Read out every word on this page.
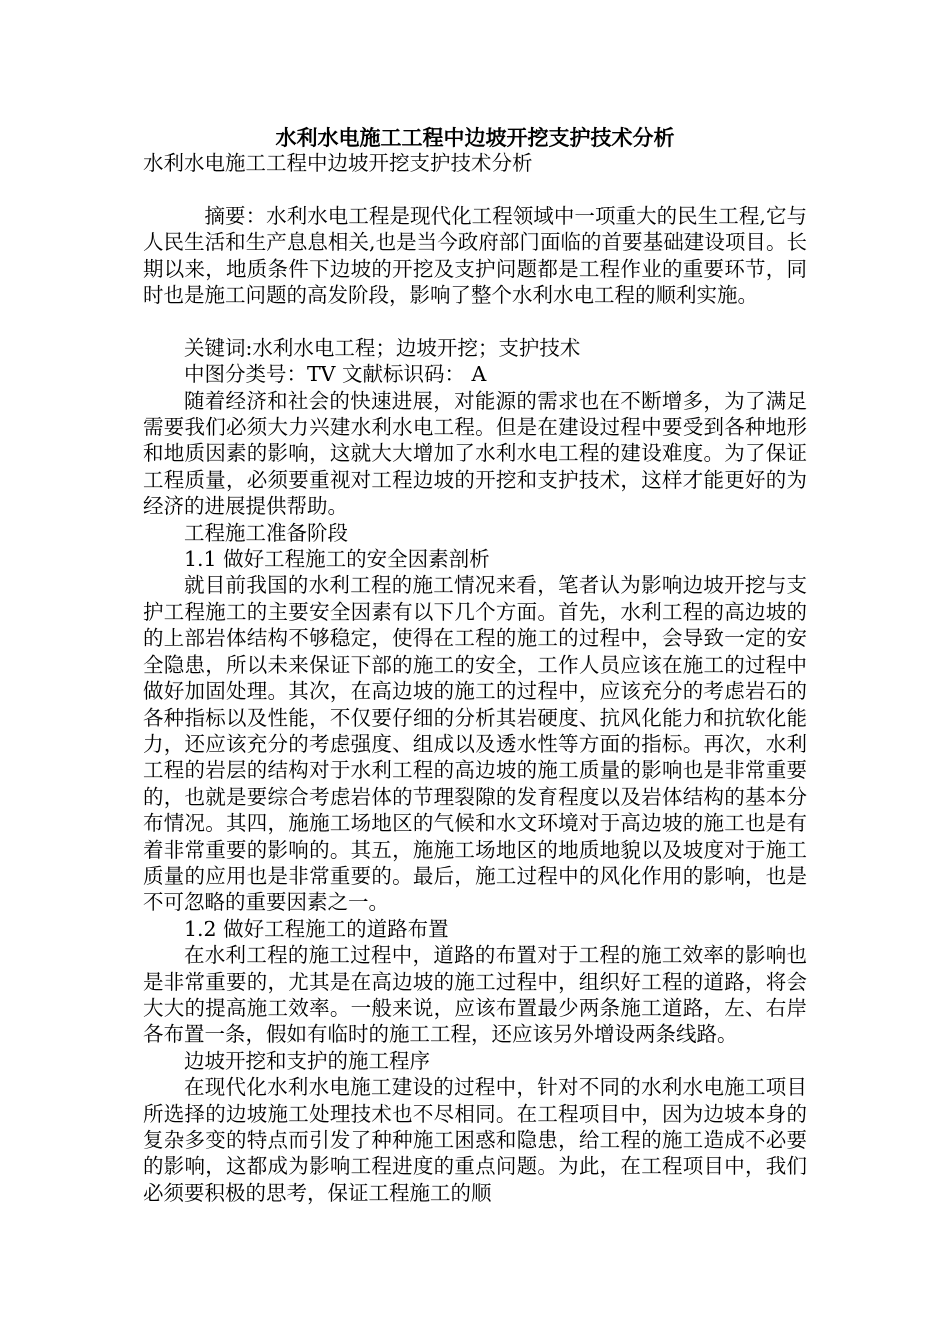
水利水电施工工程中边坡开挖支护技术分析

水利水电施工工程中边坡开挖支护技术分析

摘要：水利水电工程是现代化工程领域中一项重大的民生工程,它与人民生活和生产息息相关,也是当今政府部门面临的首要基础建设项目。长期以来，地质条件下边坡的开挖及支护问题都是工程作业的重要环节，同时也是施工问题的高发阶段，影响了整个水利水电工程的顺利实施。

关键词:水利水电工程；边坡开挖；支护技术

中图分类号：TV 文献标识码： A

随着经济和社会的快速进展，对能源的需求也在不断增多，为了满足需要我们必须大力兴建水利水电工程。但是在建设过程中要受到各种地形和地质因素的影响，这就大大增加了水利水电工程的建设难度。为了保证工程质量，必须要重视对工程边坡的开挖和支护技术，这样才能更好的为经济的进展提供帮助。

工程施工准备阶段

1.1 做好工程施工的安全因素剖析

就目前我国的水利工程的施工情况来看，笔者认为影响边坡开挖与支护工程施工的主要安全因素有以下几个方面。首先，水利工程的高边坡的的上部岩体结构不够稳定，使得在工程的施工的过程中，会导致一定的安全隐患，所以未来保证下部的施工的安全，工作人员应该在施工的过程中做好加固处理。其次，在高边坡的施工的过程中，应该充分的考虑岩石的各种指标以及性能，不仅要仔细的分析其岩硬度、抗风化能力和抗软化能力，还应该充分的考虑强度、组成以及透水性等方面的指标。再次，水利工程的岩层的结构对于水利工程的高边坡的施工质量的影响也是非常重要的，也就是要综合考虑岩体的节理裂隙的发育程度以及岩体结构的基本分布情况。其四，施施工场地区的气候和水文环境对于高边坡的施工也是有着非常重要的影响的。其五，施施工场地区的地质地貌以及坡度对于施工质量的应用也是非常重要的。最后，施工过程中的风化作用的影响，也是不可忽略的重要因素之一。

1.2 做好工程施工的道路布置

在水利工程的施工过程中，道路的布置对于工程的施工效率的影响也是非常重要的，尤其是在高边坡的施工过程中，组织好工程的道路，将会大大的提高施工效率。一般来说，应该布置最少两条施工道路，左、右岸各布置一条，假如有临时的施工工程，还应该另外增设两条线路。

边坡开挖和支护的施工程序

在现代化水利水电施工建设的过程中，针对不同的水利水电施工项目所选择的边坡施工处理技术也不尽相同。在工程项目中，因为边坡本身的复杂多变的特点而引发了种种施工困惑和隐患，给工程的施工造成不必要的影响，这都成为影响工程进度的重点问题。为此，在工程项目中，我们必须要积极的思考，保证工程施工的顺
